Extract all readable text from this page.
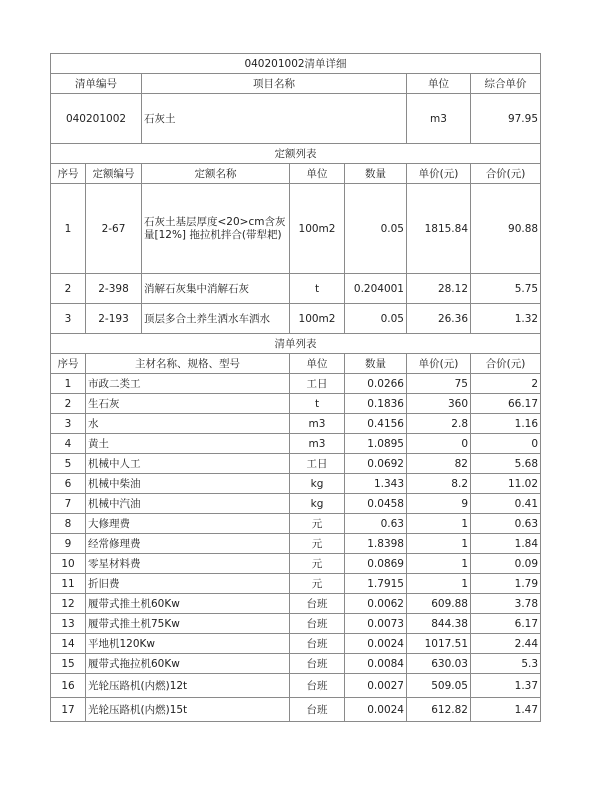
040201002清单详细			
清单编号	项目名称	单位	综合单价
040201002	石灰土	m3	97.95
定额列表						
序号	定额编号	定额名称	单位	数量	单价(元)	合价(元)
1	2-67	石灰土基层厚度<20>cm含灰量[12%] 拖拉机拌合(带犁耙)	100m2	0.05	1815.84	90.88
2	2-398	消解石灰集中消解石灰	t	0.204001	28.12	5.75
3	2-193	顶层多合土养生洒水车洒水	100m2	0.05	26.36	1.32
清单列表					
序号	主材名称、规格、型号	单位	数量	单价(元)	合价(元)
1	市政二类工	工日	0.0266	75	2
2	生石灰	t	0.1836	360	66.17
3	水	m3	0.4156	2.8	1.16
4	黄土	m3	1.0895	0	0
5	机械中人工	工日	0.0692	82	5.68
6	机械中柴油	kg	1.343	8.2	11.02
7	机械中汽油	kg	0.0458	9	0.41
8	大修理费	元	0.63	1	0.63
9	经常修理费	元	1.8398	1	1.84
10	零星材料费	元	0.0869	1	0.09
11	折旧费	元	1.7915	1	1.79
12	履带式推土机60Kw	台班	0.0062	609.88	3.78
13	履带式推土机75Kw	台班	0.0073	844.38	6.17
14	平地机120Kw	台班	0.0024	1017.51	2.44
15	履带式拖拉机60Kw	台班	0.0084	630.03	5.3
16	光轮压路机(内燃)12t	台班	0.0027	509.05	1.37
17	光轮压路机(内燃)15t	台班	0.0024	612.82	1.47
